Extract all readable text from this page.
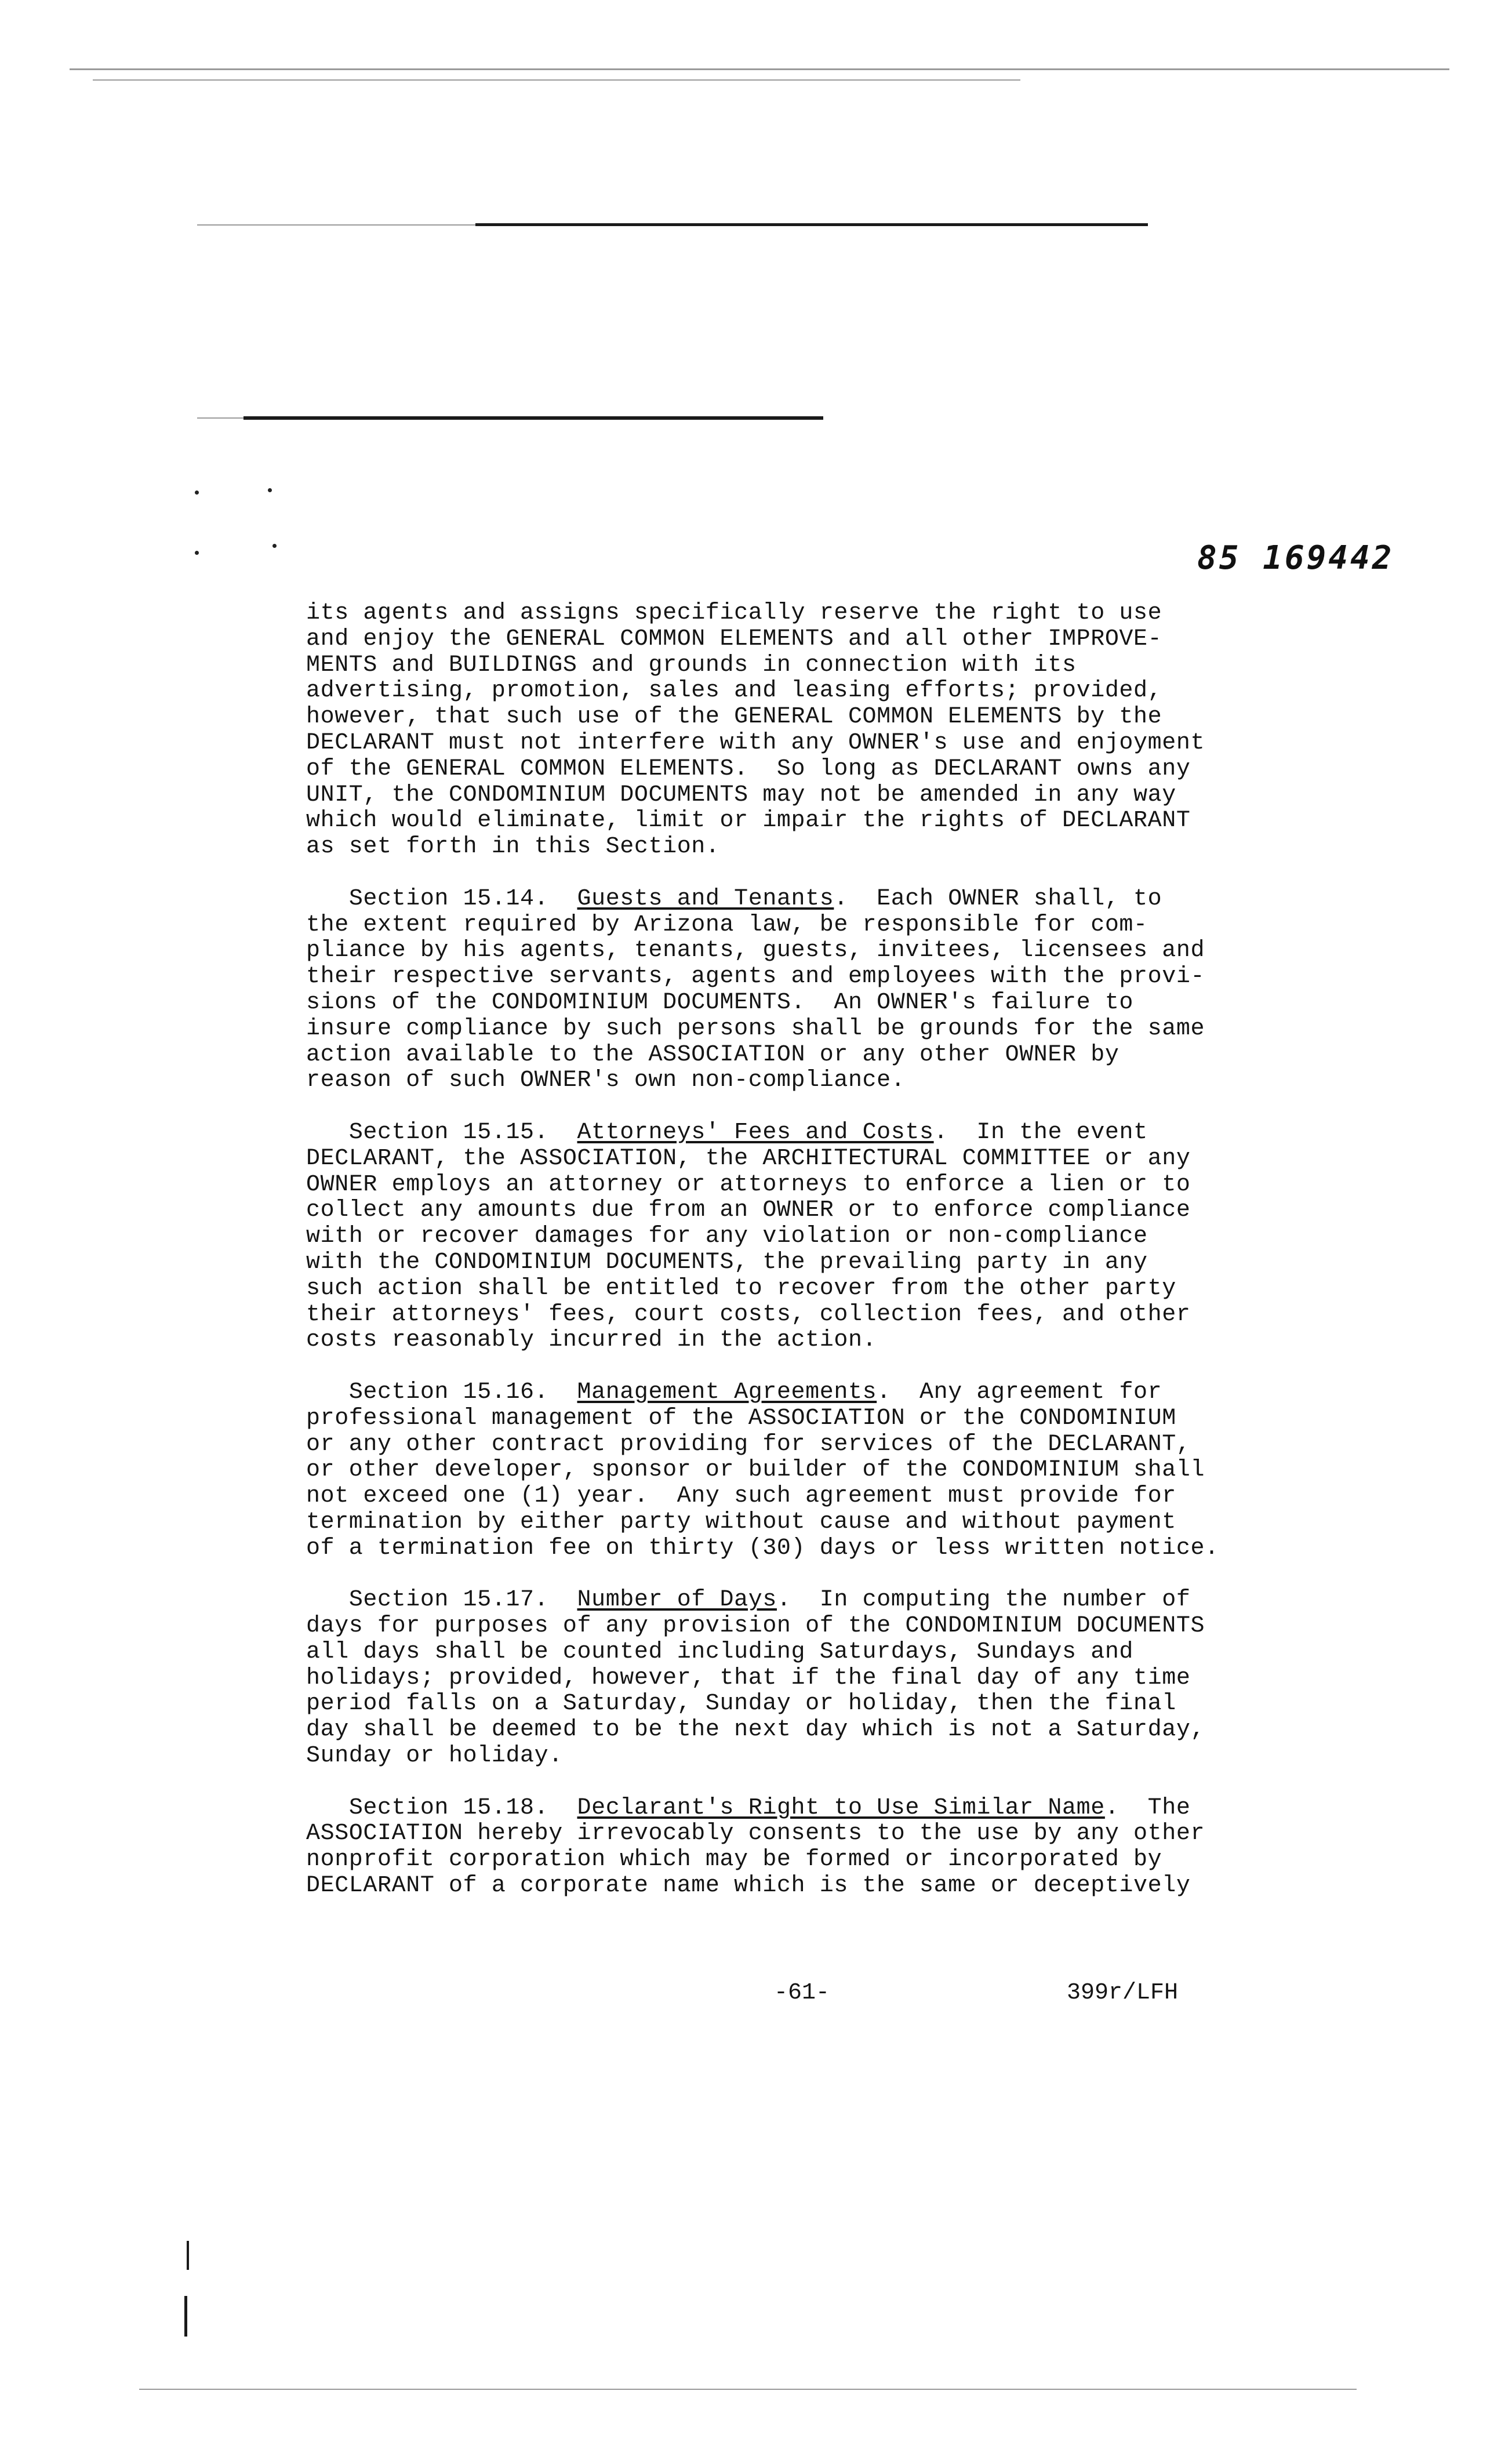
85 169442
its agents and assigns specifically reserve the right to use
and enjoy the GENERAL COMMON ELEMENTS and all other IMPROVE-
MENTS and BUILDINGS and grounds in connection with its
advertising, promotion, sales and leasing efforts; provided,
however, that such use of the GENERAL COMMON ELEMENTS by the
DECLARANT must not interfere with any OWNER's use and enjoyment
of the GENERAL COMMON ELEMENTS.  So long as DECLARANT owns any
UNIT, the CONDOMINIUM DOCUMENTS may not be amended in any way
which would eliminate, limit or impair the rights of DECLARANT
as set forth in this Section.
Section 15.14. Guests and Tenants.  Each OWNER shall, to
the extent required by Arizona law, be responsible for com-
pliance by his agents, tenants, guests, invitees, licensees and
their respective servants, agents and employees with the provi-
sions of the CONDOMINIUM DOCUMENTS.  An OWNER's failure to
insure compliance by such persons shall be grounds for the same
action available to the ASSOCIATION or any other OWNER by
reason of such OWNER's own non-compliance.
Section 15.15. Attorneys' Fees and Costs.  In the event
DECLARANT, the ASSOCIATION, the ARCHITECTURAL COMMITTEE or any
OWNER employs an attorney or attorneys to enforce a lien or to
collect any amounts due from an OWNER or to enforce compliance
with or recover damages for any violation or non-compliance
with the CONDOMINIUM DOCUMENTS, the prevailing party in any
such action shall be entitled to recover from the other party
their attorneys' fees, court costs, collection fees, and other
costs reasonably incurred in the action.
Section 15.16. Management Agreements.  Any agreement for
professional management of the ASSOCIATION or the CONDOMINIUM
or any other contract providing for services of the DECLARANT,
or other developer, sponsor or builder of the CONDOMINIUM shall
not exceed one (1) year.  Any such agreement must provide for
termination by either party without cause and without payment
of a termination fee on thirty (30) days or less written notice.
Section 15.17. Number of Days.  In computing the number of
days for purposes of any provision of the CONDOMINIUM DOCUMENTS
all days shall be counted including Saturdays, Sundays and
holidays; provided, however, that if the final day of any time
period falls on a Saturday, Sunday or holiday, then the final
day shall be deemed to be the next day which is not a Saturday,
Sunday or holiday.
Section 15.18. Declarant's Right to Use Similar Name.  The
ASSOCIATION hereby irrevocably consents to the use by any other
nonprofit corporation which may be formed or incorporated by
DECLARANT of a corporate name which is the same or deceptively
-61-	399r/LFH
